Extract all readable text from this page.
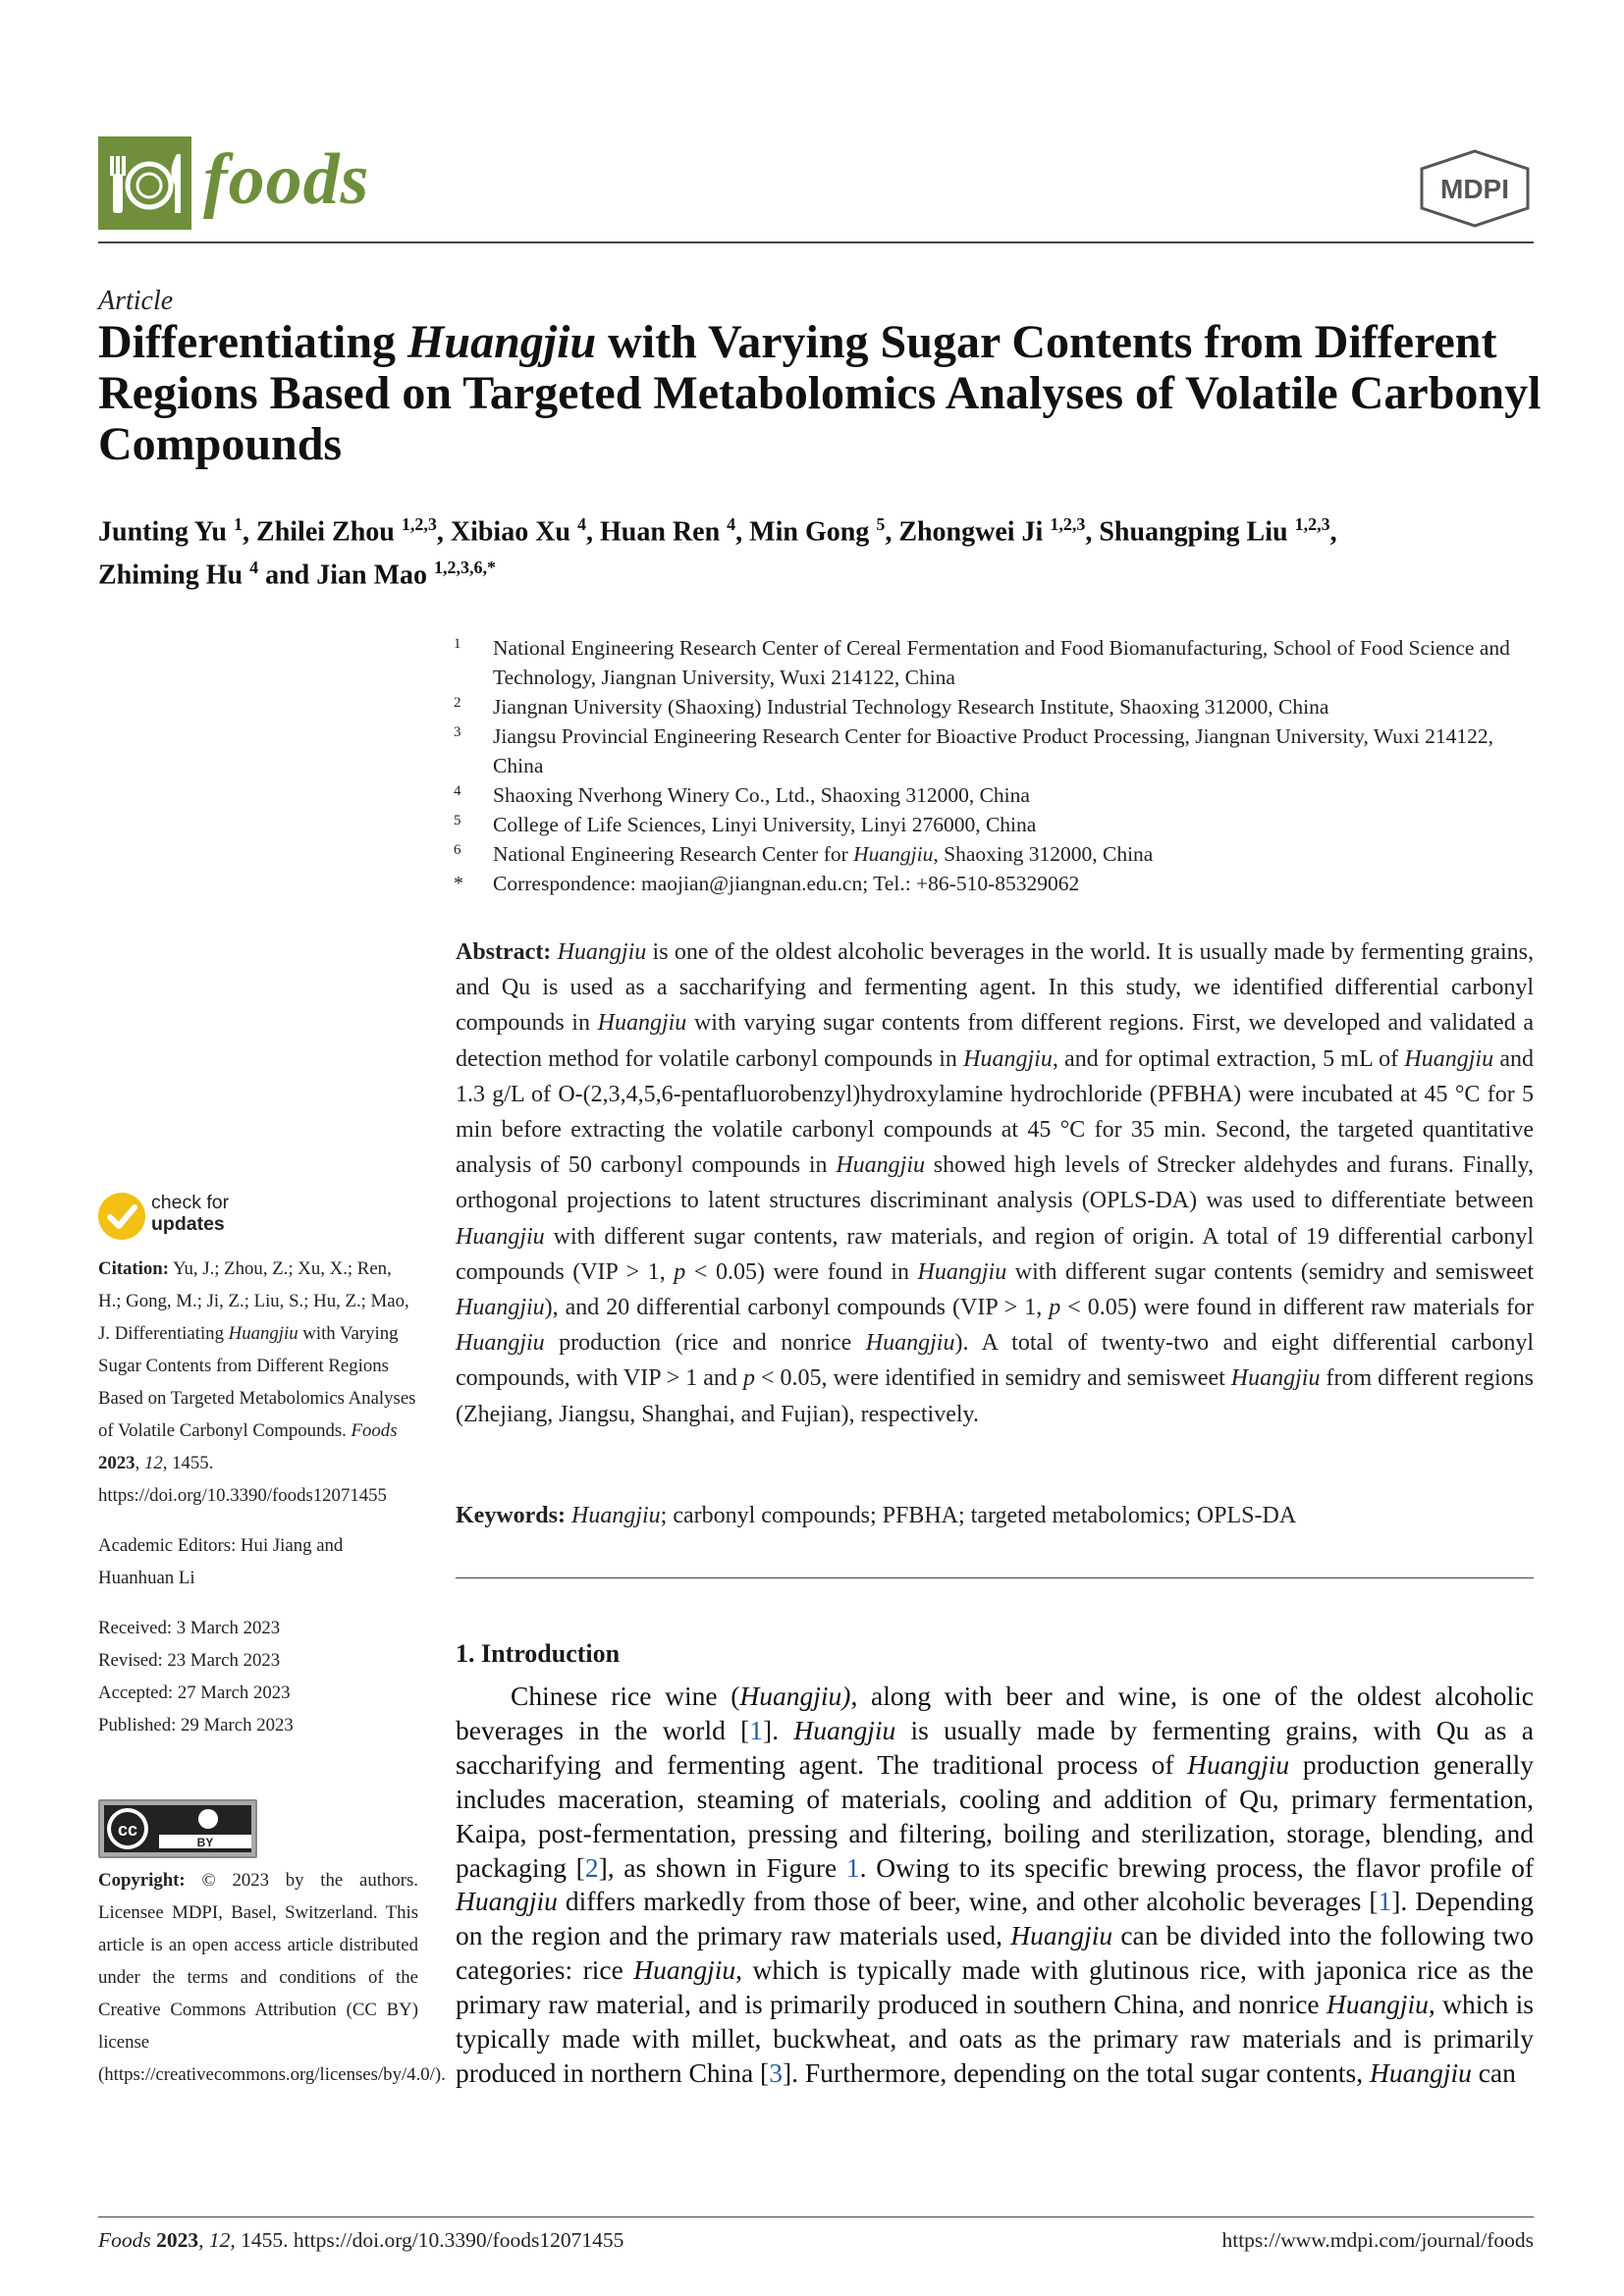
foods	MDPI
Article
Differentiating Huangjiu with Varying Sugar Contents from Different Regions Based on Targeted Metabolomics Analyses of Volatile Carbonyl Compounds
Junting Yu $^1$, Zhilei Zhou $^{1,2,3}$, Xibiao Xu $^4$, Huan Ren $^4$, Min Gong $^5$, Zhongwei Ji $^{1,2,3}$, Shuangping Liu $^{1,2,3}$,
Zhiming Hu $^4$ and Jian Mao $^{1,2,3,6,*}$
1 National Engineering Research Center of Cereal Fermentation and Food Biomanufacturing, School of Food Science and Technology, Jiangnan University, Wuxi 214122, China
2 Jiangnan University (Shaoxing) Industrial Technology Research Institute, Shaoxing 312000, China
3 Jiangsu Provincial Engineering Research Center for Bioactive Product Processing, Jiangnan University, Wuxi 214122, China
4 Shaoxing Nverhong Winery Co., Ltd., Shaoxing 312000, China
5 College of Life Sciences, Linyi University, Linyi 276000, China
6 National Engineering Research Center for Huangjiu, Shaoxing 312000, China
* Correspondence: maojian@jiangnan.edu.cn; Tel.: +86-510-85329062
Abstract: Huangjiu is one of the oldest alcoholic beverages in the world. It is usually made by fermenting grains, and Qu is used as a saccharifying and fermenting agent. In this study, we identified differential carbonyl compounds in Huangjiu with varying sugar contents from different regions. First, we developed and validated a detection method for volatile carbonyl compounds in Huangjiu, and for optimal extraction, 5 mL of Huangjiu and 1.3 g/L of O-(2,3,4,5,6-pentafluorobenzyl)hydroxylamine hydrochloride (PFBHA) were incubated at 45 °C for 5 min before extracting the volatile carbonyl compounds at 45 °C for 35 min. Second, the targeted quantitative analysis of 50 carbonyl compounds in Huangjiu showed high levels of Strecker aldehydes and furans. Finally, orthogonal projections to latent structures discriminant analysis (OPLS-DA) was used to differentiate between Huangjiu with different sugar contents, raw materials, and region of origin. A total of 19 differential carbonyl compounds (VIP > 1, p < 0.05) were found in Huangjiu with different sugar contents (semidry and semisweet Huangjiu), and 20 differential carbonyl compounds (VIP > 1, p < 0.05) were found in different raw materials for Huangjiu production (rice and nonrice Huangjiu). A total of twenty-two and eight differential carbonyl compounds, with VIP > 1 and p < 0.05, were identified in semidry and semisweet Huangjiu from different regions (Zhejiang, Jiangsu, Shanghai, and Fujian), respectively.
Keywords: Huangjiu; carbonyl compounds; PFBHA; targeted metabolomics; OPLS-DA
1. Introduction
Chinese rice wine (Huangjiu), along with beer and wine, is one of the oldest alcoholic beverages in the world [1]. Huangjiu is usually made by fermenting grains, with Qu as a saccharifying and fermenting agent. The traditional process of Huangjiu production generally includes maceration, steaming of materials, cooling and addition of Qu, primary fermentation, Kaipa, post-fermentation, pressing and filtering, boiling and sterilization, storage, blending, and packaging [2], as shown in Figure 1. Owing to its specific brewing process, the flavor profile of Huangjiu differs markedly from those of beer, wine, and other alcoholic beverages [1]. Depending on the region and the primary raw materials used, Huangjiu can be divided into the following two categories: rice Huangjiu, which is typically made with glutinous rice, with japonica rice as the primary raw material, and is primarily produced in southern China, and nonrice Huangjiu, which is typically made with millet, buckwheat, and oats as the primary raw materials and is primarily produced in northern China [3]. Furthermore, depending on the total sugar contents, Huangjiu can
check for
updates

Citation: Yu, J.; Zhou, Z.; Xu, X.; Ren, H.; Gong, M.; Ji, Z.; Liu, S.; Hu, Z.; Mao, J. Differentiating Huangjiu with Varying Sugar Contents from Different Regions Based on Targeted Metabolomics Analyses of Volatile Carbonyl Compounds. Foods 2023, 12, 1455. https://doi.org/10.3390/foods12071455

Academic Editors: Hui Jiang and Huanhuan Li

Received: 3 March 2023

Revised: 23 March 2023

Accepted: 27 March 2023

Published: 29 March 2023

cc
BY
Copyright: © 2023 by the authors. Licensee MDPI, Basel, Switzerland. This article is an open access article distributed under the terms and conditions of the Creative Commons Attribution (CC BY) license (https://creativecommons.org/licenses/by/4.0/).
Foods 2023, 12, 1455. https://doi.org/10.3390/foods12071455	https://www.mdpi.com/journal/foods
